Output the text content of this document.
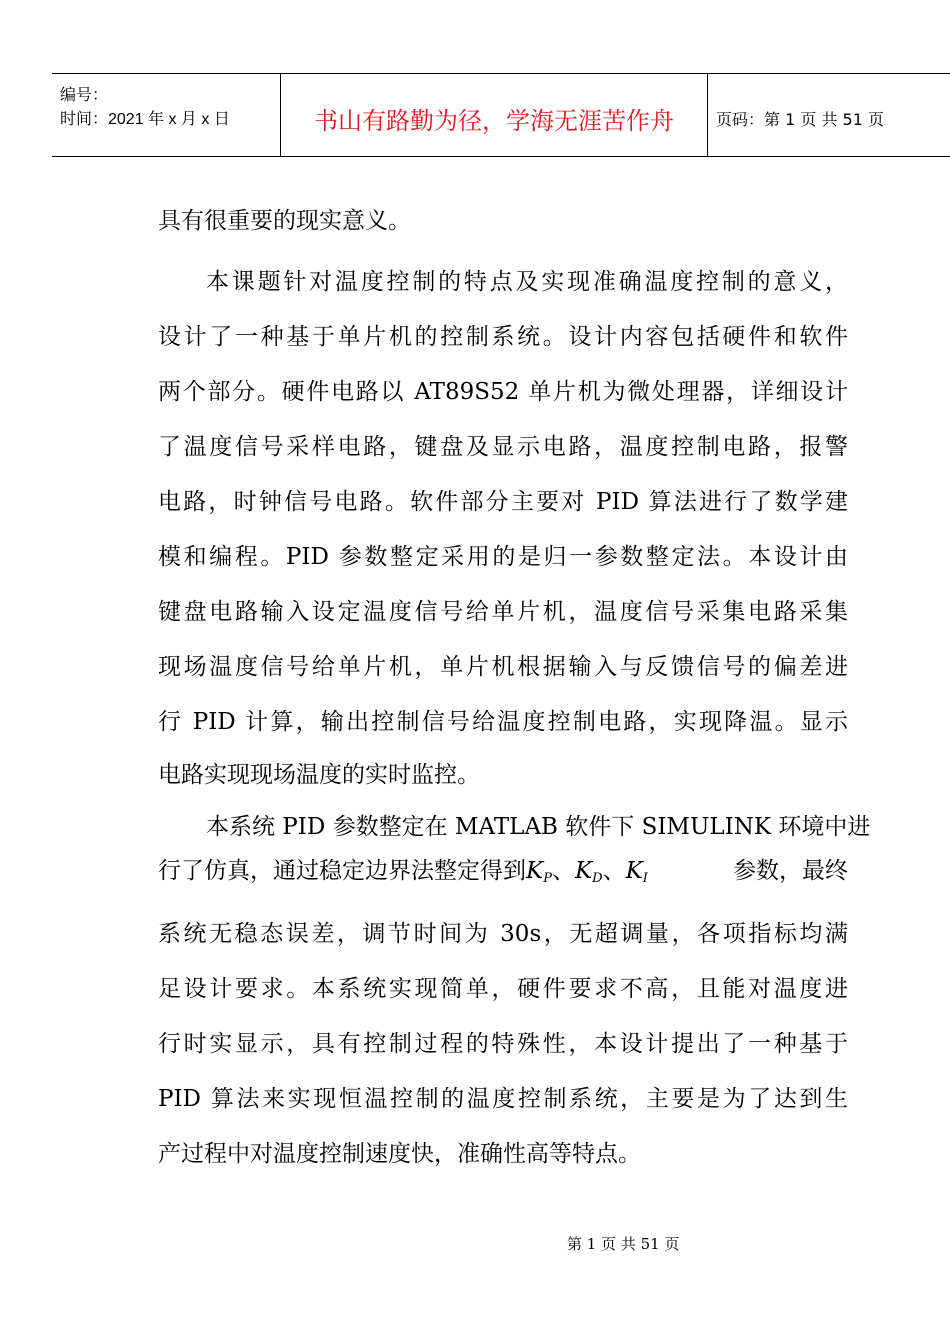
编号：
时间：2021 年 x 月 x 日	书山有路勤为径，学海无涯苦作舟	页码：第 1 页 共 51 页
具有很重要的现实意义。
本课题针对温度控制的特点及实现准确温度控制的意义，
设计了一种基于单片机的控制系统。设计内容包括硬件和软件
两个部分。硬件电路以 AT89S52 单片机为微处理器，详细设计
了温度信号采样电路，键盘及显示电路，温度控制电路，报警
电路，时钟信号电路。软件部分主要对 PID 算法进行了数学建
模和编程。PID 参数整定采用的是归一参数整定法。本设计由
键盘电路输入设定温度信号给单片机，温度信号采集电路采集
现场温度信号给单片机，单片机根据输入与反馈信号的偏差进
行 PID 计算，输出控制信号给温度控制电路，实现降温。显示
电路实现现场温度的实时监控。
本系统 PID 参数整定在 MATLAB 软件下 SIMULINK 环境中进
行了仿真，通过稳定边界法整定得到$K_P$、$K_D$、$K_I$	参数，最终
系统无稳态误差，调节时间为 30s，无超调量，各项指标均满
足设计要求。本系统实现简单，硬件要求不高，且能对温度进
行时实显示，具有控制过程的特殊性，本设计提出了一种基于
PID 算法来实现恒温控制的温度控制系统，主要是为了达到生
产过程中对温度控制速度快，准确性高等特点。
第 1 页 共 51 页
